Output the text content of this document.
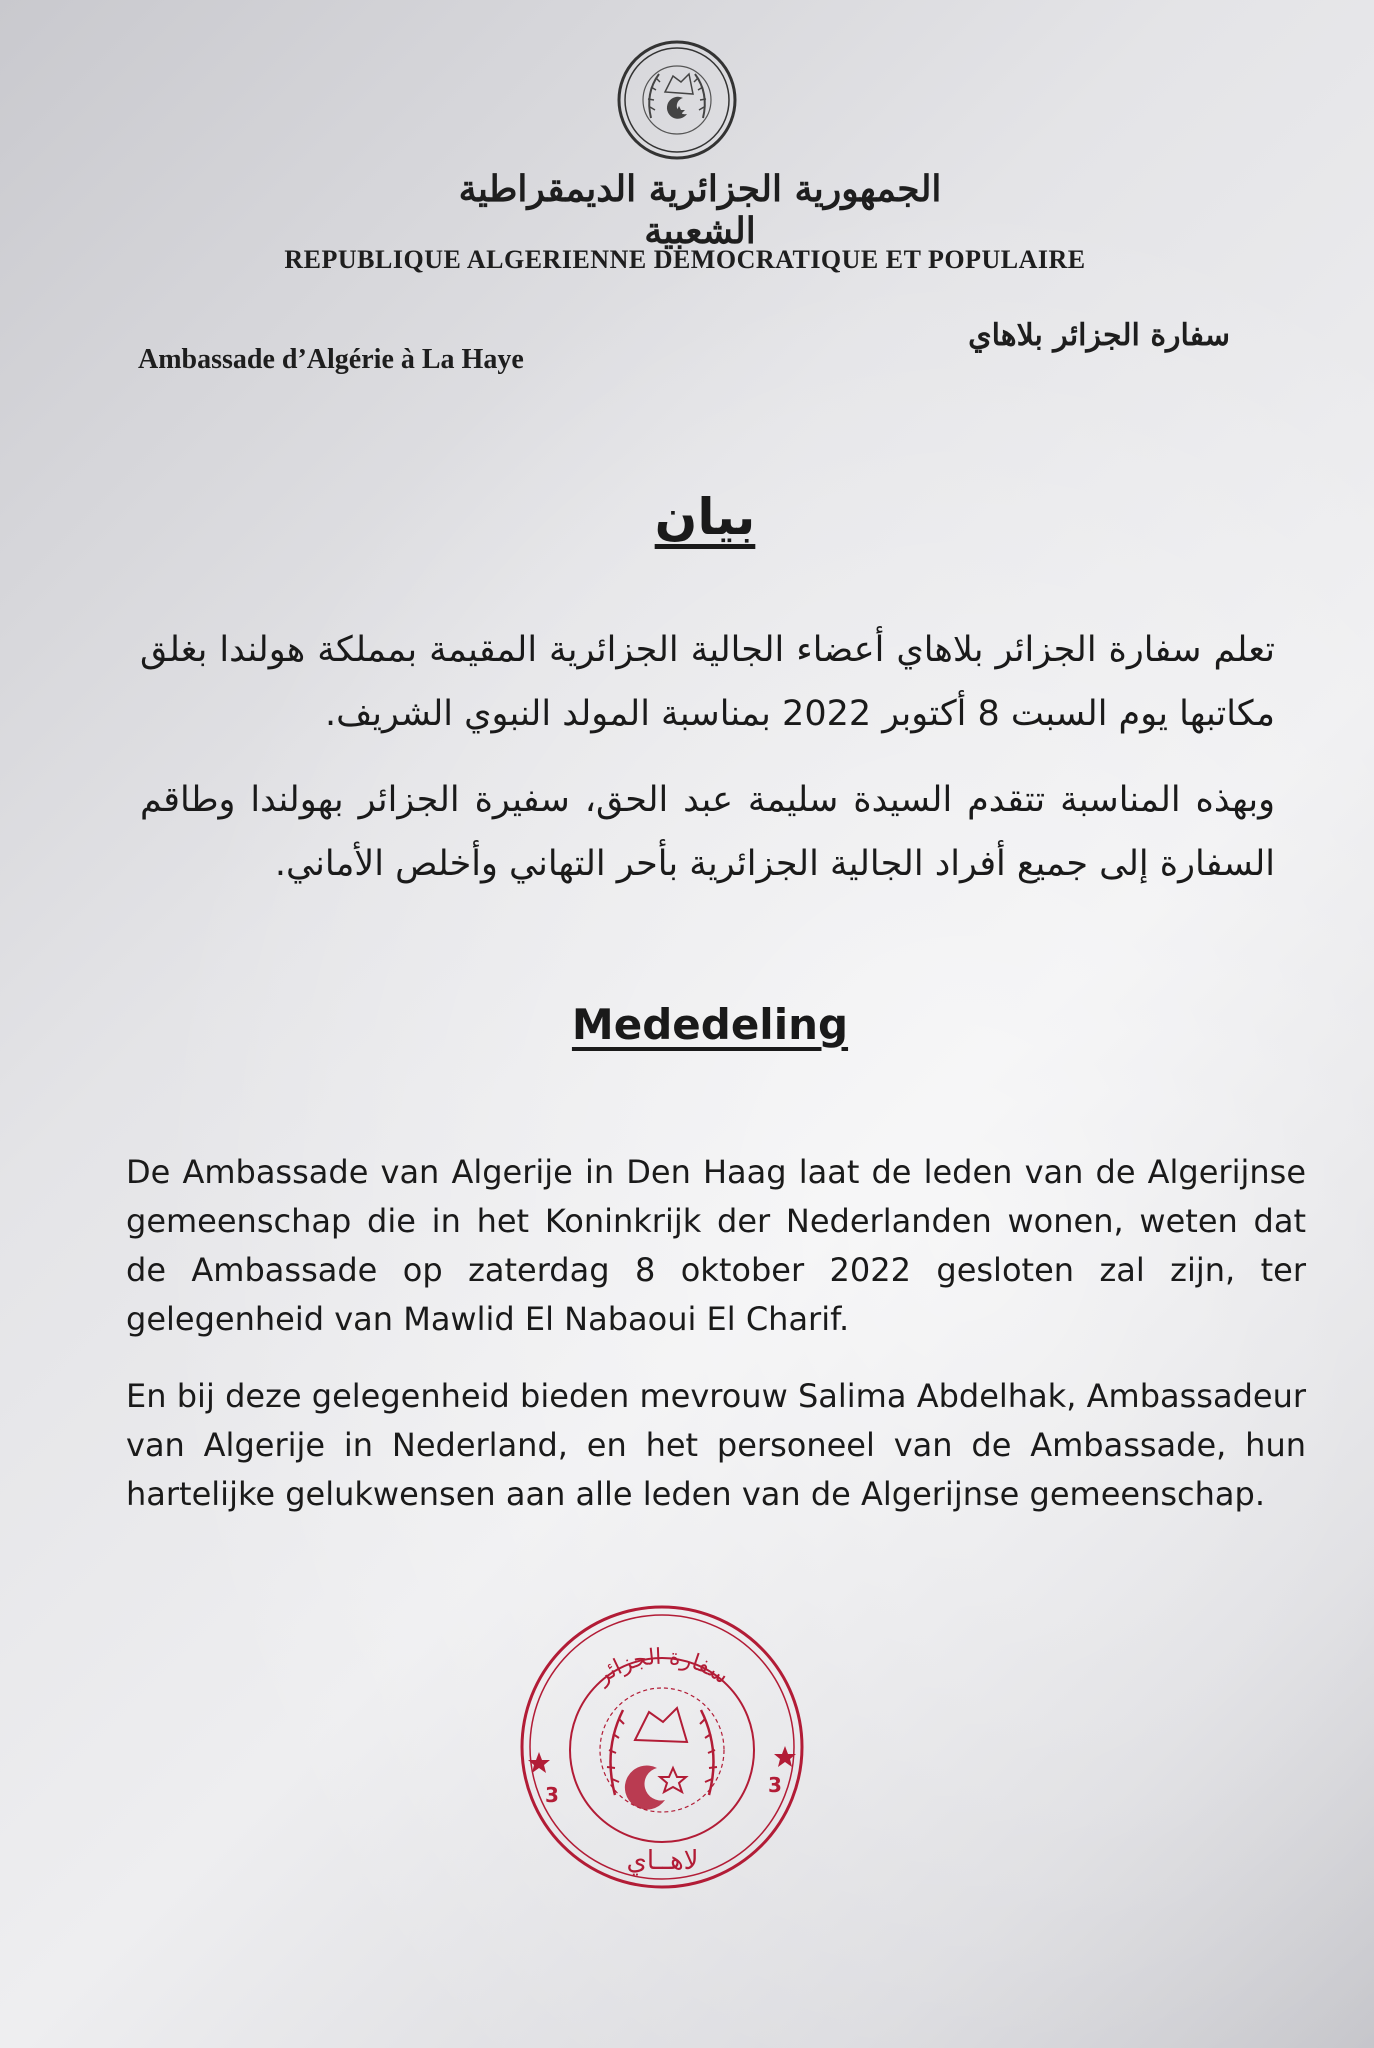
الجمهورية الجزائرية الديمقراطية الشعبية
REPUBLIQUE ALGERIENNE DEMOCRATIQUE ET POPULAIRE
Ambassade d’Algérie à La Haye
سفارة الجزائر بلاهاي
بيان

تعلم سفارة الجزائر بلاهاي أعضاء الجالية الجزائرية المقيمة بمملكة هولندا بغلق مكاتبها يوم السبت 8 أكتوبر 2022 بمناسبة المولد النبوي الشريف.

وبهذه المناسبة تتقدم السيدة سليمة عبد الحق، سفيرة الجزائر بهولندا وطاقم السفارة إلى جميع أفراد الجالية الجزائرية بأحر التهاني وأخلص الأماني.

Mededeling

De Ambassade van Algerije in Den Haag laat de leden van de Algerijnse gemeenschap die in het Koninkrijk der Nederlanden wonen, weten dat de Ambassade op zaterdag 8 oktober 2022 gesloten zal zijn, ter gelegenheid van Mawlid El Nabaoui El Charif.

En bij deze gelegenheid bieden mevrouw Salima Abdelhak, Ambassadeur van Algerije in Nederland, en het personeel van de Ambassade, hun hartelijke gelukwensen aan alle leden van de Algerijnse gemeenschap.

سفارة الجزائر
3	3
لاهــاي
